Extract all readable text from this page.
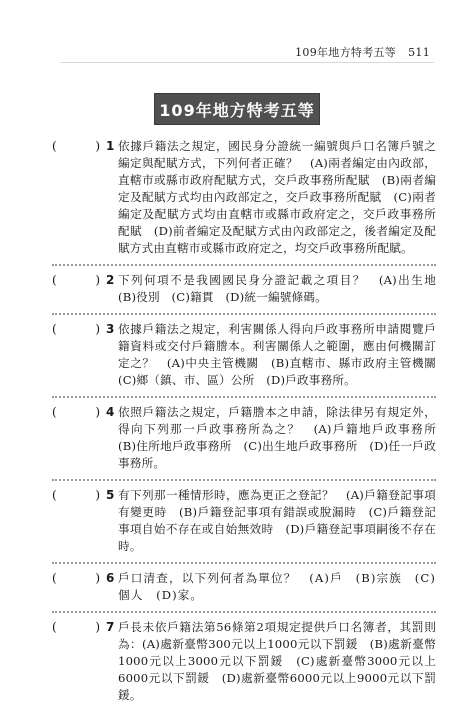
109年地方特考五等 511
109年地方特考五等
(	) 1 依據戶籍法之規定，國民身分證統一編號與戶口名簿戶號之編定與配賦方式，下列何者正確？　(A)兩者編定由內政部，直轄市或縣市政府配賦方式，交戶政事務所配賦　(B)兩者編定及配賦方式均由內政部定之，交戶政事務所配賦　(C)兩者編定及配賦方式均由直轄市或縣市政府定之，交戶政事務所配賦　(D)前者編定及配賦方式由內政部定之，後者編定及配賦方式由直轄市或縣市政府定之，均交戶政事務所配賦。
(	) 2 下列何項不是我國國民身分證記載之項目？　(A)出生地　(B)役別　(C)籍貫　(D)統一編號條碼。
(	) 3 依據戶籍法之規定，利害關係人得向戶政事務所申請閱覽戶籍資料或交付戶籍謄本。利害關係人之範圍，應由何機關訂定之？　(A)中央主管機關　(B)直轄市、縣市政府主管機關　(C)鄉（鎮、市、區）公所　(D)戶政事務所。
(	) 4 依照戶籍法之規定，戶籍謄本之申請，除法律另有規定外，得向下列那一戶政事務所為之？　(A)戶籍地戶政事務所　(B)住所地戶政事務所　(C)出生地戶政事務所　(D)任一戶政事務所。
(	) 5 有下列那一種情形時，應為更正之登記？　(A)戶籍登記事項有變更時　(B)戶籍登記事項有錯誤或脫漏時　(C)戶籍登記事項自始不存在或自始無效時　(D)戶籍登記事項嗣後不存在時。
(	) 6 戶口清查，以下列何者為單位？　(A)戶　(B)宗族　(C)個人　(D)家。
(	) 7 戶長未依戶籍法第56條第2項規定提供戶口名簿者，其罰則為：(A)處新臺幣300元以上1000元以下罰鍰　(B)處新臺幣1000元以上3000元以下罰鍰　(C)處新臺幣3000元以上6000元以下罰鍰　(D)處新臺幣6000元以上9000元以下罰鍰。
